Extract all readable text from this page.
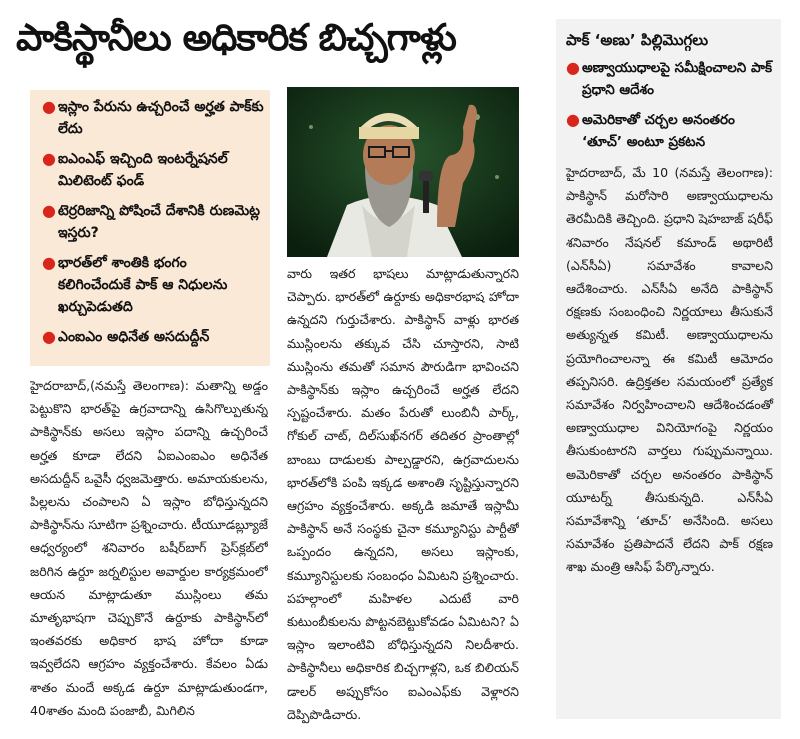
పాకిస్థానీలు అధికారిక బిచ్చగాళ్లు
● ఇస్లాం పేరును ఉచ్చరించే అర్హత పాక్‌కు లేదు
● ఐఎంఎఫ్ ఇచ్చింది ఇంటర్నేషనల్ మిలిటెంట్ ఫండ్
● టెర్రరిజాన్ని పోషించే దేశానికి రుణమెట్ల ఇస్తరు?
● భారత్‌లో శాంతికి భంగం కలిగించేందుకే పాక్ ఆ నిధులను ఖర్చుపెడుతది
● ఎంఐఎం అధినేత అసదుద్దీన్

హైదరాబాద్,(నమస్తే తెలంగాణ): మతాన్ని అడ్డం పెట్టుకొని భారత్‌పై ఉగ్రవాదాన్ని ఉసిగొల్పుతున్న పాకిస్థాన్‌కు అసలు ఇస్లాం పదాన్ని ఉచ్చరించే అర్హత కూడా లేదని ఏఐఎంఐఎం అధినేత అసదుద్దీన్ ఒవైసీ ధ్వజమెత్తారు. అమాయకులను, పిల్లలను చంపాలని ఏ ఇస్లాం బోధిస్తున్నదని పాకిస్థాన్‌ను సూటిగా ప్రశ్నించారు. టీయూడబ్ల్యూజే ఆధ్వర్యంలో శనివారం బషీర్‌బాగ్ ప్రెస్‌క్లబ్‌లో జరిగిన ఉర్దూ జర్నలిస్టుల అవార్డుల కార్యక్రమంలో ఆయన మాట్లాడుతూ ముస్లింలు తమ మాతృభాషగా చెప్పుకొనే ఉర్దూకు పాకిస్థాన్‌లో ఇంతవరకు అధికార భాష హోదా కూడా ఇవ్వలేదని ఆగ్రహం వ్యక్తంచేశారు. కేవలం ఏడు శాతం మందే అక్కడ ఉర్దూ మాట్లాడుతుండగా, 40శాతం మంది పంజాబీ, మిగిలిన

వారు ఇతర భాషలు మాట్లాడుతున్నారని చెప్పారు. భారత్‌లో ఉర్దూకు అధికారభాష హోదా ఉన్నదని గుర్తుచేశారు. పాకిస్థాన్ వాళ్లు భారత ముస్లింలను తక్కువ చేసి చూస్తారని, సాటి ముస్లింను తమతో సమాన పౌరుడిగా భావించని పాకిస్థాన్‌కు ఇస్లాం ఉచ్చరించే అర్హత లేదని స్పష్టంచేశారు. మతం పేరుతో లుంబినీ పార్క్, గోకుల్ చాట్, దిల్‌సుఖ్‌నగర్ తదితర ప్రాంతాల్లో బాంబు దాడులకు పాల్పడ్డారని, ఉగ్రవాదులను భారత్‌లోకి పంపి ఇక్కడ అశాంతి సృష్టిస్తున్నారని ఆగ్రహం వ్యక్తంచేశారు. అక్కడి జమాతే ఇస్లామీ పాకిస్థాన్ అనే సంస్థకు చైనా కమ్యూనిస్టు పార్టీతో ఒప్పందం ఉన్నదని, అసలు ఇస్లాంకు, కమ్యూనిస్టులకు సంబంధం ఏమిటని ప్రశ్నించారు. పహల్గాంలో మహిళల ఎదుటే వారి కుటుంబీకులను పొట్టనబెట్టుకోవడం ఏమిటని? ఏ ఇస్లాం ఇలాంటివి బోధిస్తున్నదని నిలదీశారు. పాకిస్థానీలు అధికారిక బిచ్చగాళ్లని, ఒక బిలియన్ డాలర్ అప్పుకోసం ఐఎంఎఫ్‌కు వెళ్లారని దెప్పిపొడిచారు.

పాక్ ‘అణు’ పిల్లిమొగ్గలు
● అణ్వాయుధాలపై సమీక్షించాలని పాక్ ప్రధాని ఆదేశం
● అమెరికాతో చర్చల అనంతరం ‘తూచ్’ అంటూ ప్రకటన

హైదరాబాద్, మే 10 (నమస్తే తెలంగాణ): పాకిస్థాన్ మరోసారి అణ్వాయుధాలను తెరమీదికి తెచ్చింది. ప్రధాని షెహబాజ్ షరీఫ్ శనివారం నేషనల్ కమాండ్ అథారిటీ (ఎన్‌సీఏ) సమావేశం కావాలని ఆదేశించారు. ఎన్‌సీఏ అనేది పాకిస్థాన్ రక్షణకు సంబంధించి నిర్ణయాలు తీసుకునే అత్యున్నత కమిటీ. అణ్వాయుధాలను ప్రయోగించాలన్నా ఈ కమిటీ ఆమోదం తప్పనిసరి. ఉద్రిక్తతల సమయంలో ప్రత్యేక సమావేశం నిర్వహించాలని ఆదేశించడంతో అణ్వాయుధాల వినియోగంపై నిర్ణయం తీసుకుంటారని వార్తలు గుప్పుమన్నాయి. అమెరికాతో చర్చల అనంతరం పాకిస్థాన్ యూటర్న్ తీసుకున్నది. ఎన్‌సీఏ సమావేశాన్ని ‘తూచ్’ అనేసింది. అసలు సమావేశం ప్రతిపాదనే లేదని పాక్ రక్షణ శాఖ మంత్రి ఆసిఫ్ పేర్కొన్నారు.
